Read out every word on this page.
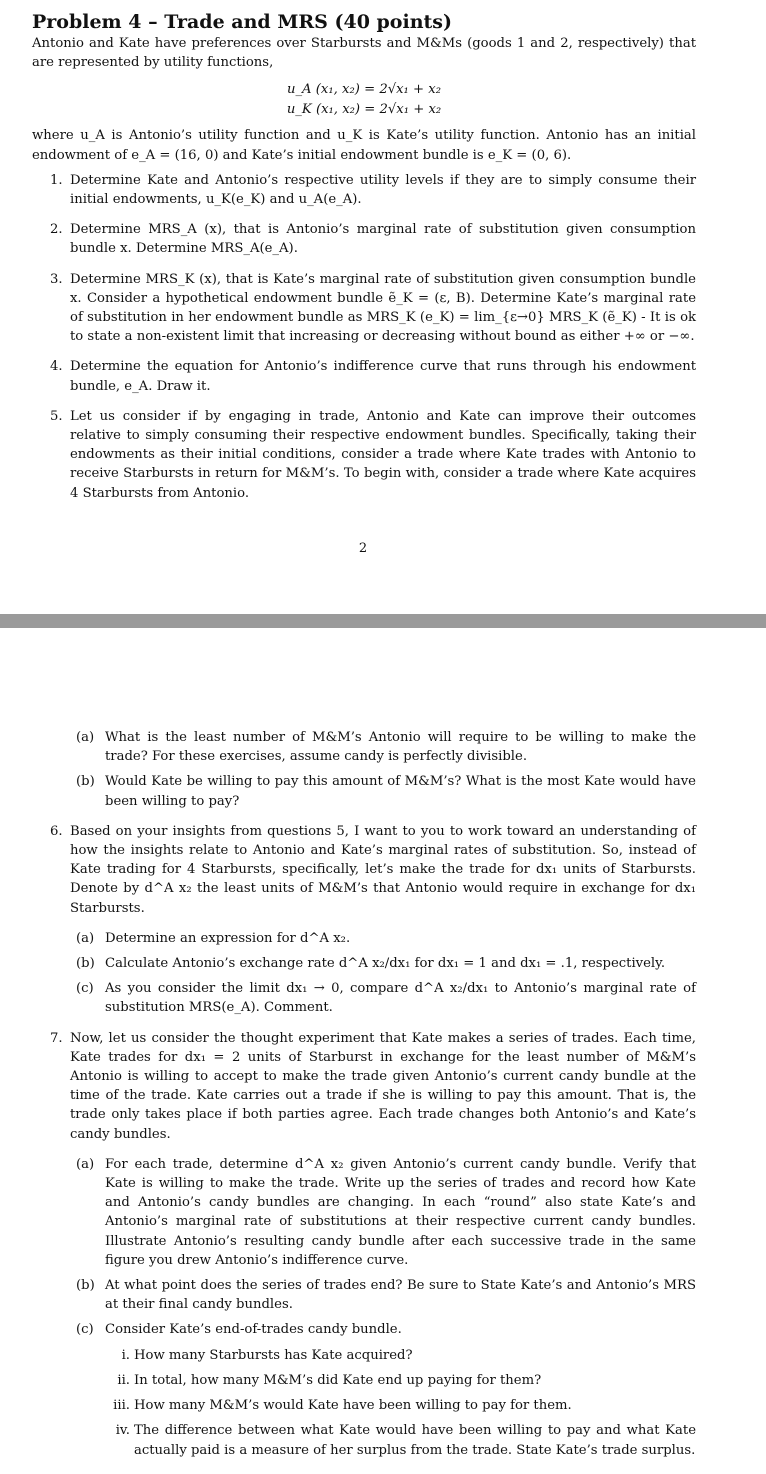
Problem 4 – Trade and MRS (40 points)

Antonio and Kate have preferences over Starbursts and M&Ms (goods 1 and 2, respectively) that are represented by utility functions,

u_A (x₁, x₂) = 2√x₁ + x₂
u_K (x₁, x₂) = 2√x₁ + x₂

where u_A is Antonio’s utility function and u_K is Kate’s utility function. Antonio has an initial endowment of e_A = (16, 0) and Kate’s initial endowment bundle is e_K = (0, 6).

1. Determine Kate and Antonio’s respective utility levels if they are to simply consume their initial endowments, u_K(e_K) and u_A(e_A).
2. Determine MRS_A (x), that is Antonio’s marginal rate of substitution given consumption bundle x. Determine MRS_A(e_A).
3. Determine MRS_K (x), that is Kate’s marginal rate of substitution given consumption bundle x. Consider a hypothetical endowment bundle ẽ_K = (ε, B). Determine Kate’s marginal rate of substitution in her endowment bundle as MRS_K (e_K) = lim_{ε→0} MRS_K (ẽ_K) - It is ok to state a non-existent limit that increasing or decreasing without bound as either +∞ or −∞.
4. Determine the equation for Antonio’s indifference curve that runs through his endowment bundle, e_A. Draw it.
5. Let us consider if by engaging in trade, Antonio and Kate can improve their outcomes relative to simply consuming their respective endowment bundles. Specifically, taking their endowments as their initial conditions, consider a trade where Kate trades with Antonio to receive Starbursts in return for M&M’s. To begin with, consider a trade where Kate acquires 4 Starbursts from Antonio.
2
(a) What is the least number of M&M’s Antonio will require to be willing to make the trade? For these exercises, assume candy is perfectly divisible.
(b) Would Kate be willing to pay this amount of M&M’s? What is the most Kate would have been willing to pay?
6. Based on your insights from questions 5, I want to you to work toward an understanding of how the insights relate to Antonio and Kate’s marginal rates of substitution. So, instead of Kate trading for 4 Starbursts, specifically, let’s make the trade for dx₁ units of Starbursts. Denote by d^A x₂ the least units of M&M’s that Antonio would require in exchange for dx₁ Starbursts.
(a) Determine an expression for d^A x₂.
(b) Calculate Antonio’s exchange rate d^A x₂/dx₁ for dx₁ = 1 and dx₁ = .1, respectively.
(c) As you consider the limit dx₁ → 0, compare d^A x₂/dx₁ to Antonio’s marginal rate of substitution MRS(e_A). Comment.
7. Now, let us consider the thought experiment that Kate makes a series of trades. Each time, Kate trades for dx₁ = 2 units of Starburst in exchange for the least number of M&M’s Antonio is willing to accept to make the trade given Antonio’s current candy bundle at the time of the trade. Kate carries out a trade if she is willing to pay this amount. That is, the trade only takes place if both parties agree. Each trade changes both Antonio’s and Kate’s candy bundles.
(a) For each trade, determine d^A x₂ given Antonio’s current candy bundle. Verify that Kate is willing to make the trade. Write up the series of trades and record how Kate and Antonio’s candy bundles are changing. In each “round” also state Kate’s and Antonio’s marginal rate of substitutions at their respective current candy bundles. Illustrate Antonio’s resulting candy bundle after each successive trade in the same figure you drew Antonio’s indifference curve.
(b) At what point does the series of trades end? Be sure to State Kate’s and Antonio’s MRS at their final candy bundles.
(c) Consider Kate’s end-of-trades candy bundle.
i. How many Starbursts has Kate acquired?
ii. In total, how many M&M’s did Kate end up paying for them?
iii. How many M&M’s would Kate have been willing to pay for them.
iv. The difference between what Kate would have been willing to pay and what Kate actually paid is a measure of her surplus from the trade. State Kate’s trade surplus.
